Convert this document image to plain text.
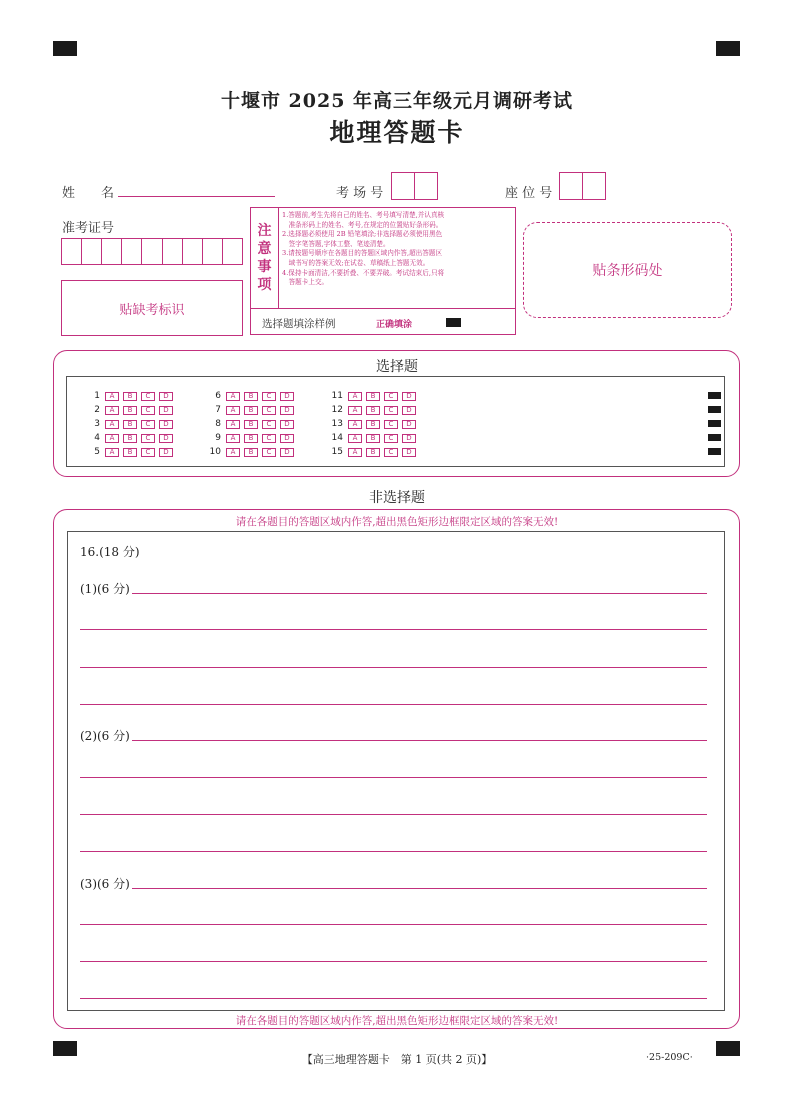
十堰市 2025 年高三年级元月调研考试
地理答题卡
姓　　名	考 场 号	座 位 号
准考证号
贴缺考标识
注
意
事
项
1.答题前,考生先将自己的姓名、考号填写清楚,并认真核
　准条形码上的姓名、考号,在规定的位置贴好条形码。
2.选择题必须使用 2B 铅笔填涂;非选择题必须使用黑色
　签字笔答题,字体工整、笔迹清楚。
3.请按题号顺序在各题目的答题区域内作答,超出答题区
　域书写的答案无效;在试卷、草稿纸上答题无效。
4.保持卡面清洁,不要折叠、不要弄破。考试结束后,只将
　答题卡上交。
选择题填涂样例	正确填涂
贴条形码处
选择题
1	A	B	C	D
2	A	B	C	D
3	A	B	C	D
4	A	B	C	D
5	A	B	C	D
6	A	B	C	D
7	A	B	C	D
8	A	B	C	D
9	A	B	C	D
10	A	B	C	D
11	A	B	C	D
12	A	B	C	D
13	A	B	C	D
14	A	B	C	D
15	A	B	C	D
非选择题
请在各题目的答题区域内作答,超出黑色矩形边框限定区域的答案无效!
请在各题目的答题区域内作答,超出黑色矩形边框限定区域的答案无效!
16.(18 分)
(1)(6 分)
(2)(6 分)
(3)(6 分)
【高三地理答题卡　第 1 页(共 2 页)】	·25-209C·
